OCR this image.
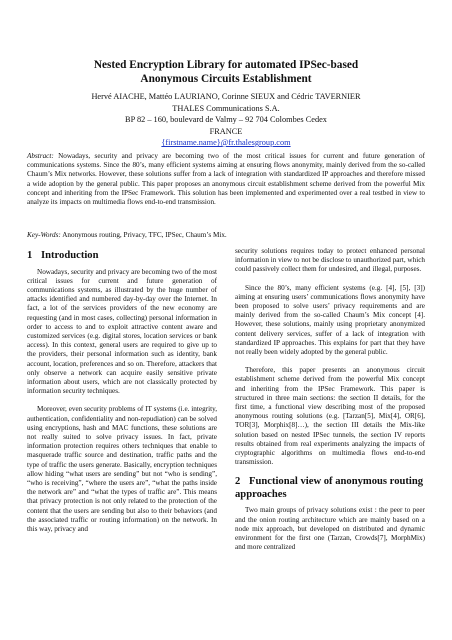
Nested Encryption Library for automated IPSec-based
Anonymous Circuits Establishment
Hervé AIACHE, Mattéo LAURIANO, Corinne SIEUX and Cédric TAVERNIER
THALES Communications S.A.
BP 82 – 160, boulevard de Valmy – 92 704 Colombes Cedex
FRANCE
{firstname.name}@fr.thalesgroup.com
Abstract: Nowadays, security and privacy are becoming two of the most critical issues for current and future generation of communications systems. Since the 80’s, many efficient systems aiming at ensuring flows anonymity, mainly derived from the so-called Chaum’s Mix networks. However, these solutions suffer from a lack of integration with standardized IP approaches and therefore missed a wide adoption by the general public. This paper proposes an anonymous circuit establishment scheme derived from the powerful Mix concept and inheriting from the IPSec Framework. This solution has been implemented and experimented over a real testbed in view to analyze its impacts on multimedia flows end-to-end transmission.
Key-Words: Anonymous routing, Privacy, TFC, IPSec, Chaum’s Mix.
1 Introduction

Nowadays, security and privacy are becoming two of the most critical issues for current and future generation of communications systems, as illustrated by the huge number of attacks identified and numbered day-by-day over the Internet. In fact, a lot of the services providers of the new economy are requesting (and in most cases, collecting) personal information in order to access to and to exploit attractive content aware and customized services (e.g. digital stores, location services or bank access). In this context, general users are required to give up to the providers, their personal information such as identity, bank account, location, preferences and so on. Therefore, attackers that only observe a network can acquire easily sensitive private information about users, which are not classically protected by information security techniques.

Moreover, even security problems of IT systems (i.e. integrity, authentication, confidentiality and non-repudiation) can be solved using encryptions, hash and MAC functions, these solutions are not really suited to solve privacy issues. In fact, private information protection requires others techniques that enable to masquerade traffic source and destination, traffic paths and the type of traffic the users generate. Basically, encryption techniques allow hiding “what users are sending” but not “who is sending”, “who is receiving”, “where the users are”, “what the paths inside the network are” and “what the types of traffic are”. This means that privacy protection is not only related to the protection of the content that the users are sending but also to their behaviors (and the associated traffic or routing information) on the network. In this way, privacy and

security solutions requires today to protect enhanced personal information in view to not be disclose to unauthorized part, which could passively collect them for undesired, and illegal, purposes.

Since the 80’s, many efficient systems (e.g. [4], [5], [3]) aiming at ensuring users’ communications flows anonymity have been proposed to solve users’ privacy requirements and are mainly derived from the so-called Chaum’s Mix concept [4]. However, these solutions, mainly using proprietary anonymized content delivery services, suffer of a lack of integration with standardized IP approaches. This explains for part that they have not really been widely adopted by the general public.

Therefore, this paper presents an anonymous circuit establishment scheme derived from the powerful Mix concept and inheriting from the IPSec Framework. This paper is structured in three main sections: the section II details, for the first time, a functional view describing most of the proposed anonymous routing solutions (e.g. [Tarzan[5], Mix[4], OR[6], TOR[3], Morphix[8]…), the section III details the Mix-like solution based on nested IPSec tunnels, the section IV reports results obtained from real experiments analyzing the impacts of cryptographic algorithms on multimedia flows end-to-end transmission.

2 Functional view of anonymous routing approaches

Two main groups of privacy solutions exist : the peer to peer and the onion routing architecture which are mainly based on a node mix approach, but developed on distributed and dynamic environment for the first one (Tarzan, Crowds[7], MorphMix) and more centralized
